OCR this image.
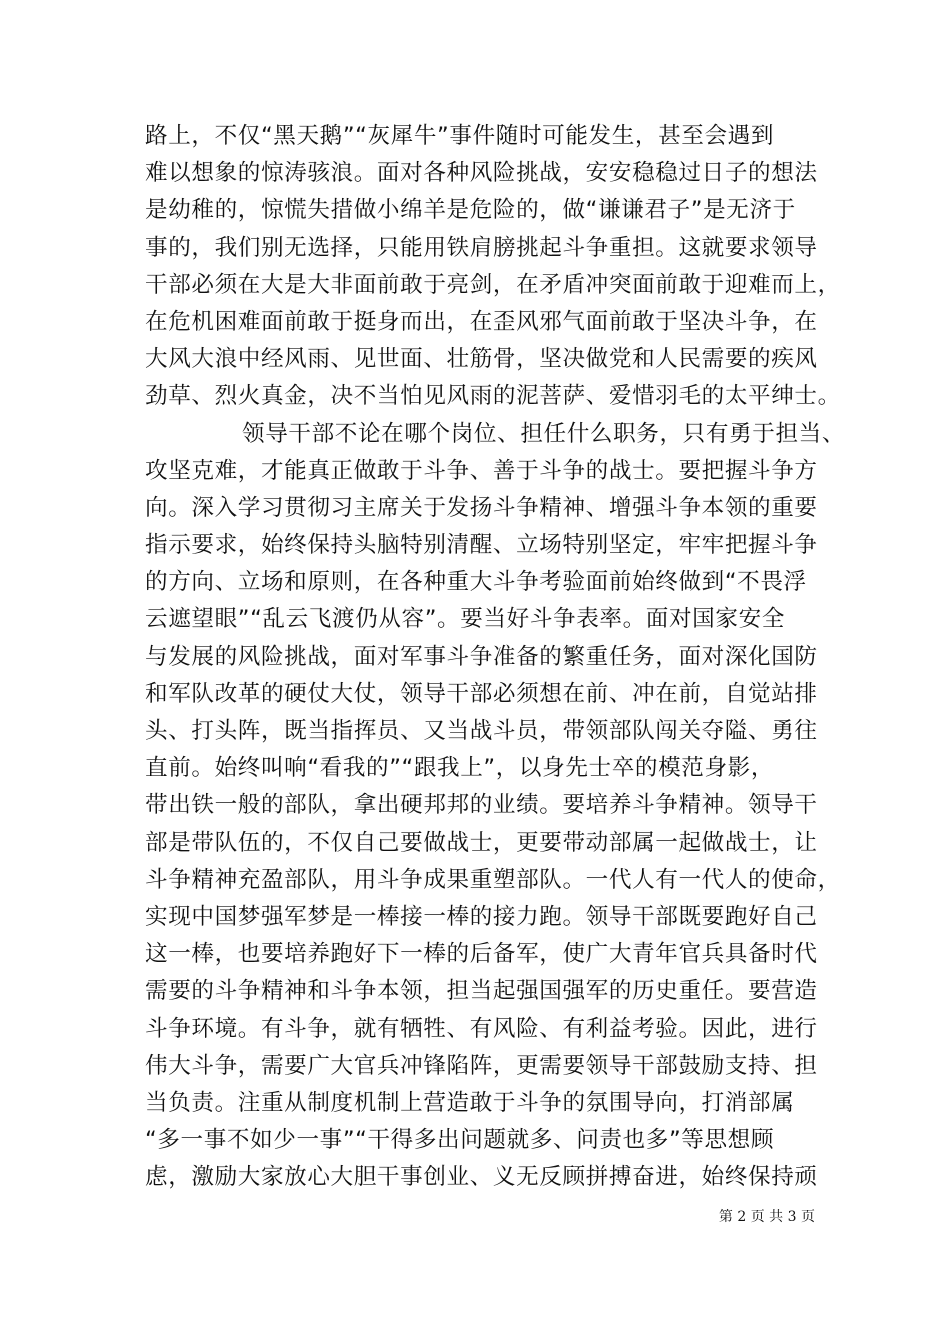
路上，不仅“黑天鹅”“灰犀牛”事件随时可能发生，甚至会遇到
难以想象的惊涛骇浪。面对各种风险挑战，安安稳稳过日子的想法
是幼稚的，惊慌失措做小绵羊是危险的，做“谦谦君子”是无济于
事的，我们别无选择，只能用铁肩膀挑起斗争重担。这就要求领导
干部必须在大是大非面前敢于亮剑，在矛盾冲突面前敢于迎难而上，
在危机困难面前敢于挺身而出，在歪风邪气面前敢于坚决斗争，在
大风大浪中经风雨、见世面、壮筋骨，坚决做党和人民需要的疾风
劲草、烈火真金，决不当怕见风雨的泥菩萨、爱惜羽毛的太平绅士。
领导干部不论在哪个岗位、担任什么职务，只有勇于担当、
攻坚克难，才能真正做敢于斗争、善于斗争的战士。要把握斗争方
向。深入学习贯彻习主席关于发扬斗争精神、增强斗争本领的重要
指示要求，始终保持头脑特别清醒、立场特别坚定，牢牢把握斗争
的方向、立场和原则，在各种重大斗争考验面前始终做到“不畏浮
云遮望眼”“乱云飞渡仍从容”。要当好斗争表率。面对国家安全
与发展的风险挑战，面对军事斗争准备的繁重任务，面对深化国防
和军队改革的硬仗大仗，领导干部必须想在前、冲在前，自觉站排
头、打头阵，既当指挥员、又当战斗员，带领部队闯关夺隘、勇往
直前。始终叫响“看我的”“跟我上”，以身先士卒的模范身影，
带出铁一般的部队，拿出硬邦邦的业绩。要培养斗争精神。领导干
部是带队伍的，不仅自己要做战士，更要带动部属一起做战士，让
斗争精神充盈部队，用斗争成果重塑部队。一代人有一代人的使命，
实现中国梦强军梦是一棒接一棒的接力跑。领导干部既要跑好自己
这一棒，也要培养跑好下一棒的后备军，使广大青年官兵具备时代
需要的斗争精神和斗争本领，担当起强国强军的历史重任。要营造
斗争环境。有斗争，就有牺牲、有风险、有利益考验。因此，进行
伟大斗争，需要广大官兵冲锋陷阵，更需要领导干部鼓励支持、担
当负责。注重从制度机制上营造敢于斗争的氛围导向，打消部属
“多一事不如少一事”“干得多出问题就多、问责也多”等思想顾
虑，激励大家放心大胆干事创业、义无反顾拼搏奋进，始终保持顽
第 2 页 共 3 页
